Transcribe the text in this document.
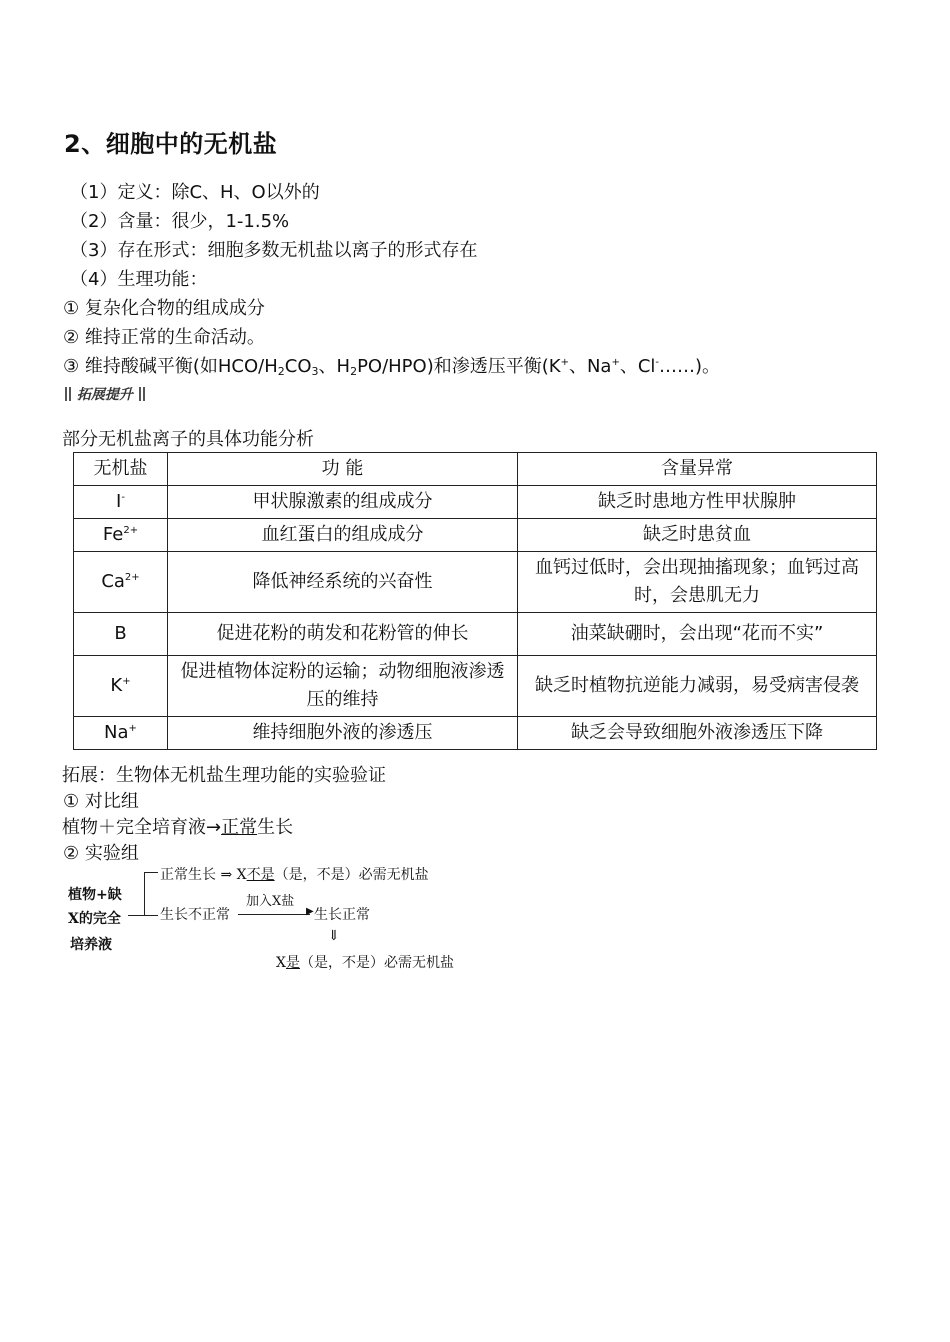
2、细胞中的无机盐
（1）定义：除C、H、O以外的
（2）含量：很少，1-1.5%
（3）存在形式：细胞多数无机盐以离子的形式存在
（4）生理功能：
① 复杂化合物的组成成分
② 维持正常的生命活动。
③ 维持酸碱平衡(如HCO/$H_2CO_3$、$H_2PO/HPO$)和渗透压平衡(K+、Na+、Cl-……)。
拓展提升
部分无机盐离子的具体功能分析
无机盐	功 能	含量异常
I-	甲状腺激素的组成成分	缺乏时患地方性甲状腺肿
$Fe^{2+}$	血红蛋白的组成成分	缺乏时患贫血
$Ca^{2+}$	降低神经系统的兴奋性	血钙过低时，会出现抽搐现象；血钙过高时，会患肌无力
B	促进花粉的萌发和花粉管的伸长	油菜缺硼时，会出现“花而不实”
K+	促进植物体淀粉的运输；动物细胞液渗透压的维持	缺乏时植物抗逆能力减弱，易受病害侵袭
Na+	维持细胞外液的渗透压	缺乏会导致细胞外液渗透压下降
拓展：生物体无机盐生理功能的实验验证
① 对比组
植物＋完全培育液→正常生长
② 实验组
植物+缺
X的完全
培养液
正常生长 ⇒ X不是（是，不是）必需无机盐
生长不正常
加入X盐
▶ 生长正常
⇓
X是（是，不是）必需无机盐
